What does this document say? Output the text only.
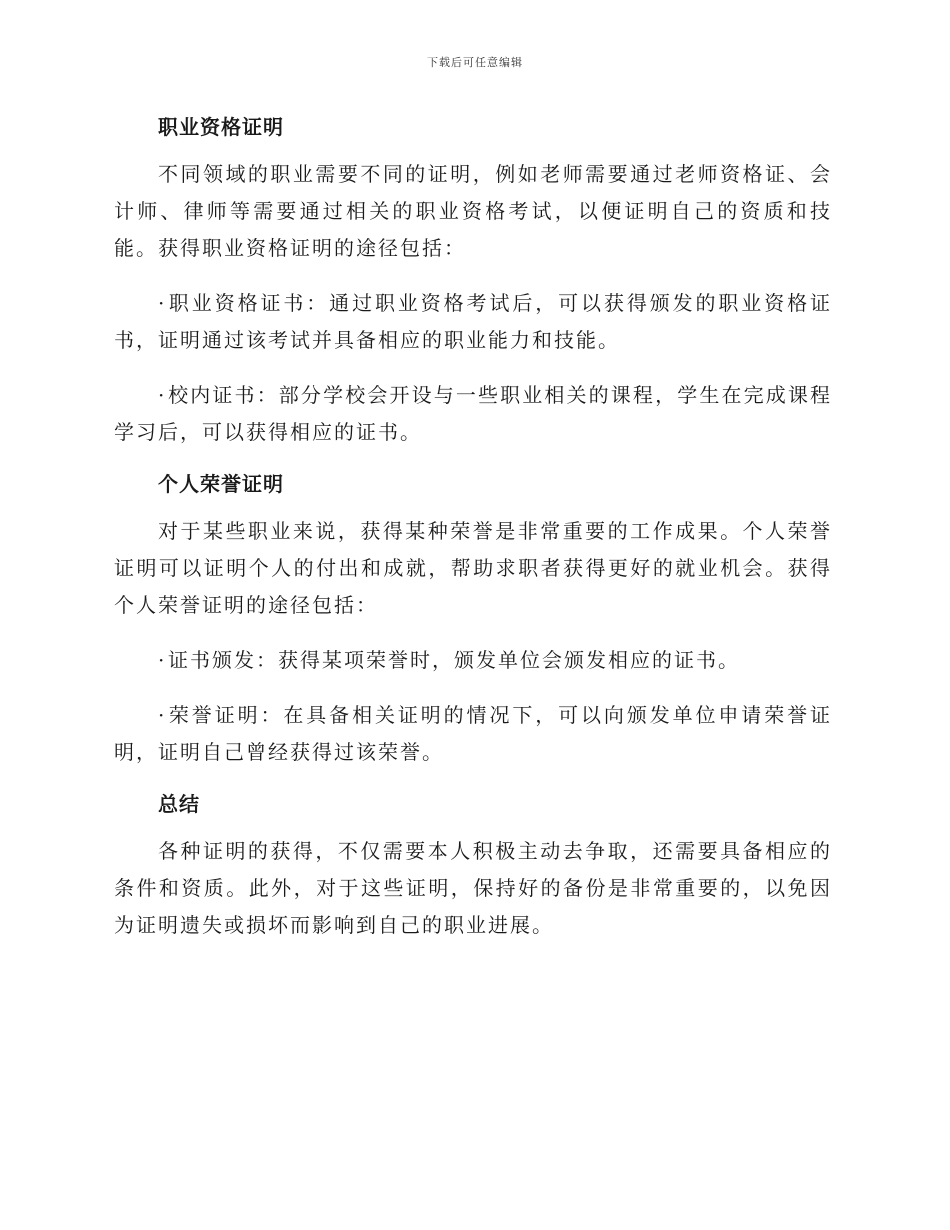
下载后可任意编辑
职业资格证明

不同领域的职业需要不同的证明，例如老师需要通过老师资格证、会计师、律师等需要通过相关的职业资格考试，以便证明自己的资质和技能。获得职业资格证明的途径包括：

·职业资格证书：通过职业资格考试后，可以获得颁发的职业资格证书，证明通过该考试并具备相应的职业能力和技能。

·校内证书：部分学校会开设与一些职业相关的课程，学生在完成课程学习后，可以获得相应的证书。

个人荣誉证明

对于某些职业来说，获得某种荣誉是非常重要的工作成果。个人荣誉证明可以证明个人的付出和成就，帮助求职者获得更好的就业机会。获得个人荣誉证明的途径包括：

·证书颁发：获得某项荣誉时，颁发单位会颁发相应的证书。

·荣誉证明：在具备相关证明的情况下，可以向颁发单位申请荣誉证明，证明自己曾经获得过该荣誉。

总结

各种证明的获得，不仅需要本人积极主动去争取，还需要具备相应的条件和资质。此外，对于这些证明，保持好的备份是非常重要的，以免因为证明遗失或损坏而影响到自己的职业进展。
